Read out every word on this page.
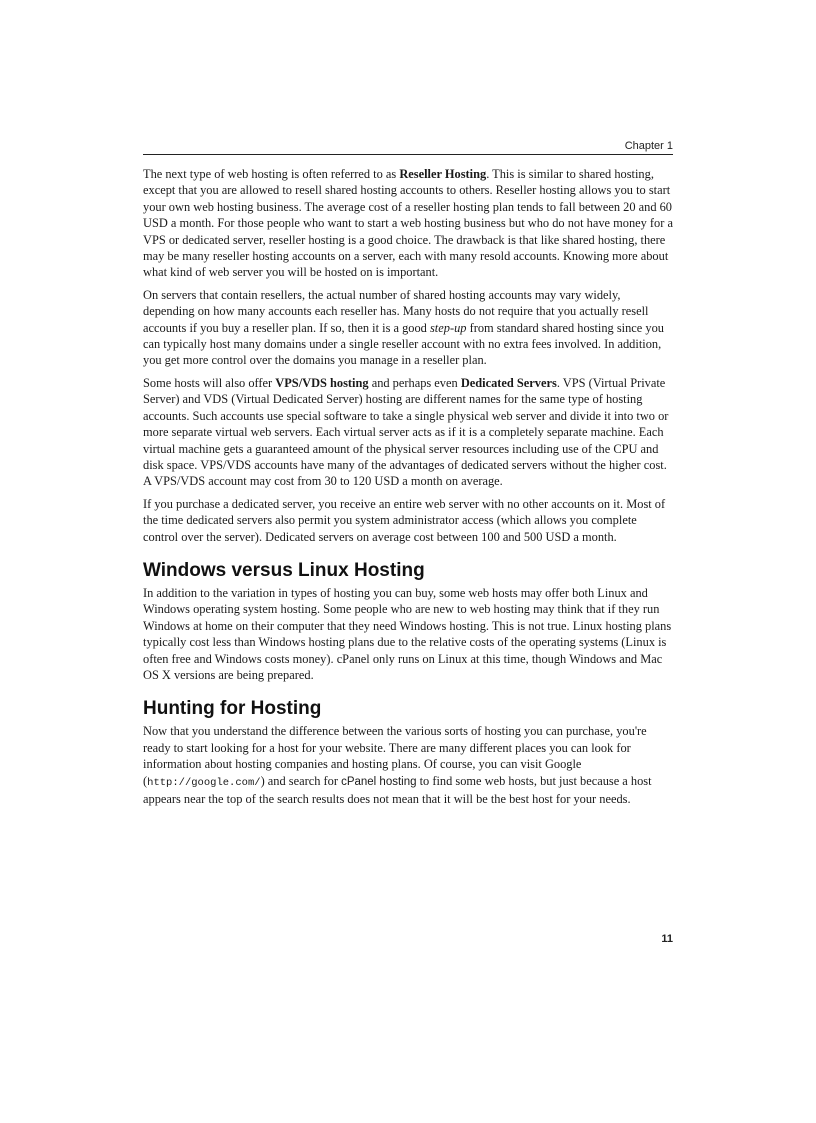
Chapter 1

The next type of web hosting is often referred to as Reseller Hosting. This is similar to shared hosting, except that you are allowed to resell shared hosting accounts to others. Reseller hosting allows you to start your own web hosting business. The average cost of a reseller hosting plan tends to fall between 20 and 60 USD a month. For those people who want to start a web hosting business but who do not have money for a VPS or dedicated server, reseller hosting is a good choice. The drawback is that like shared hosting, there may be many reseller hosting accounts on a server, each with many resold accounts. Knowing more about what kind of web server you will be hosted on is important.

On servers that contain resellers, the actual number of shared hosting accounts may vary widely, depending on how many accounts each reseller has. Many hosts do not require that you actually resell accounts if you buy a reseller plan. If so, then it is a good step-up from standard shared hosting since you can typically host many domains under a single reseller account with no extra fees involved. In addition, you get more control over the domains you manage in a reseller plan.

Some hosts will also offer VPS/VDS hosting and perhaps even Dedicated Servers. VPS (Virtual Private Server) and VDS (Virtual Dedicated Server) hosting are different names for the same type of hosting accounts. Such accounts use special software to take a single physical web server and divide it into two or more separate virtual web servers. Each virtual server acts as if it is a completely separate machine. Each virtual machine gets a guaranteed amount of the physical server resources including use of the CPU and disk space. VPS/VDS accounts have many of the advantages of dedicated servers without the higher cost. A VPS/VDS account may cost from 30 to 120 USD a month on average.

If you purchase a dedicated server, you receive an entire web server with no other accounts on it. Most of the time dedicated servers also permit you system administrator access (which allows you complete control over the server). Dedicated servers on average cost between 100 and 500 USD a month.

Windows versus Linux Hosting

In addition to the variation in types of hosting you can buy, some web hosts may offer both Linux and Windows operating system hosting. Some people who are new to web hosting may think that if they run Windows at home on their computer that they need Windows hosting. This is not true. Linux hosting plans typically cost less than Windows hosting plans due to the relative costs of the operating systems (Linux is often free and Windows costs money). cPanel only runs on Linux at this time, though Windows and Mac OS X versions are being prepared.

Hunting for Hosting

Now that you understand the difference between the various sorts of hosting you can purchase, you're ready to start looking for a host for your website. There are many different places you can look for information about hosting companies and hosting plans. Of course, you can visit Google (http://google.com/) and search for cPanel hosting to find some web hosts, but just because a host appears near the top of the search results does not mean that it will be the best host for your needs.

11
